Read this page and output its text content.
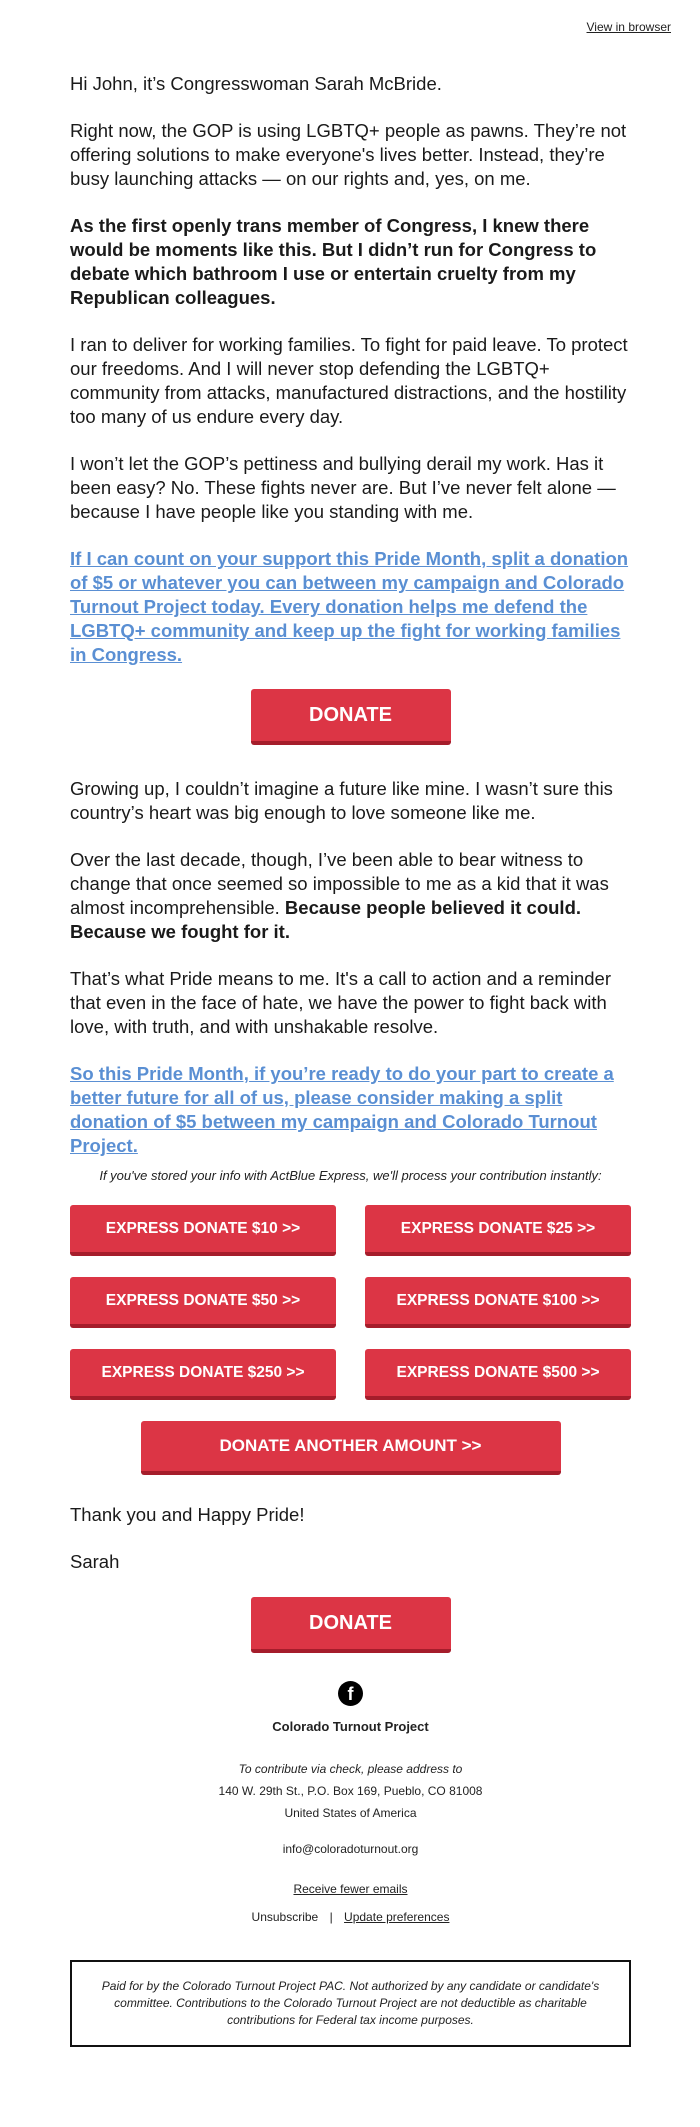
View in browser

Hi John, it’s Congresswoman Sarah McBride.

Right now, the GOP is using LGBTQ+ people as pawns. They’re not offering solutions to make everyone's lives better. Instead, they’re busy launching attacks — on our rights and, yes, on me.

As the first openly trans member of Congress, I knew there would be moments like this. But I didn’t run for Congress to debate which bathroom I use or entertain cruelty from my Republican colleagues.

I ran to deliver for working families. To fight for paid leave. To protect our freedoms. And I will never stop defending the LGBTQ+ community from attacks, manufactured distractions, and the hostility too many of us endure every day.

I won’t let the GOP’s pettiness and bullying derail my work. Has it been easy? No. These fights never are. But I’ve never felt alone — because I have people like you standing with me.

If I can count on your support this Pride Month, split a donation of $5 or whatever you can between my campaign and Colorado Turnout Project today. Every donation helps me defend the LGBTQ+ community and keep up the fight for working families in Congress.
DONATE

Growing up, I couldn’t imagine a future like mine. I wasn’t sure this country’s heart was big enough to love someone like me.

Over the last decade, though, I’ve been able to bear witness to change that once seemed so impossible to me as a kid that it was almost incomprehensible. Because people believed it could. Because we fought for it.

That’s what Pride means to me. It's a call to action and a reminder that even in the face of hate, we have the power to fight back with love, with truth, and with unshakable resolve.

So this Pride Month, if you’re ready to do your part to create a better future for all of us, please consider making a split donation of $5 between my campaign and Colorado Turnout Project.
If you've stored your info with ActBlue Express, we'll process your contribution instantly:
EXPRESS DONATE $10 >>	EXPRESS DONATE $25 >>
EXPRESS DONATE $50 >>	EXPRESS DONATE $100 >>
EXPRESS DONATE $250 >>	EXPRESS DONATE $500 >>
DONATE ANOTHER AMOUNT >>

Thank you and Happy Pride!

Sarah

DONATE
f
Colorado Turnout Project
To contribute via check, please address to
140 W. 29th St., P.O. Box 169, Pueblo, CO 81008
United States of America
info@coloradoturnout.org
Receive fewer emails
Unsubscribe | Update preferences
Paid for by the Colorado Turnout Project PAC. Not authorized by any candidate or candidate's committee. Contributions to the Colorado Turnout Project are not deductible as charitable contributions for Federal tax income purposes.
